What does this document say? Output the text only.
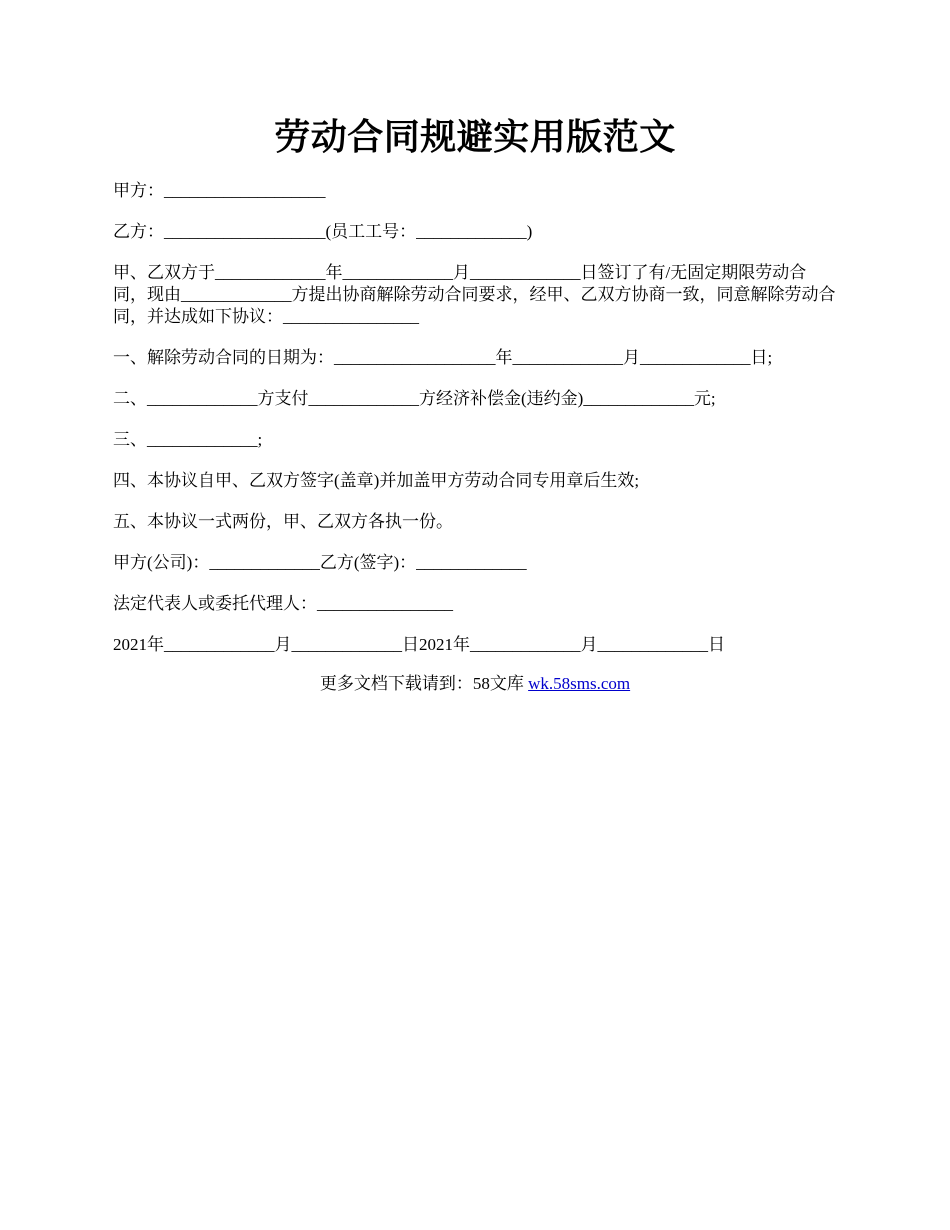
劳动合同规避实用版范文

甲方：___________________

乙方：___________________(员工工号：_____________)

甲、乙双方于_____________年_____________月_____________日签订了有/无固定期限劳动合同，现由_____________方提出协商解除劳动合同要求，经甲、乙双方协商一致，同意解除劳动合同，并达成如下协议：________________

一、解除劳动合同的日期为：___________________年_____________月_____________日;

二、_____________方支付_____________方经济补偿金(违约金)_____________元;

三、_____________;

四、本协议自甲、乙双方签字(盖章)并加盖甲方劳动合同专用章后生效;

五、本协议一式两份，甲、乙双方各执一份。

甲方(公司)：_____________乙方(签字)：_____________

法定代表人或委托代理人：________________

2021年_____________月_____________日2021年_____________月_____________日

更多文档下载请到：58文库 wk.58sms.com
